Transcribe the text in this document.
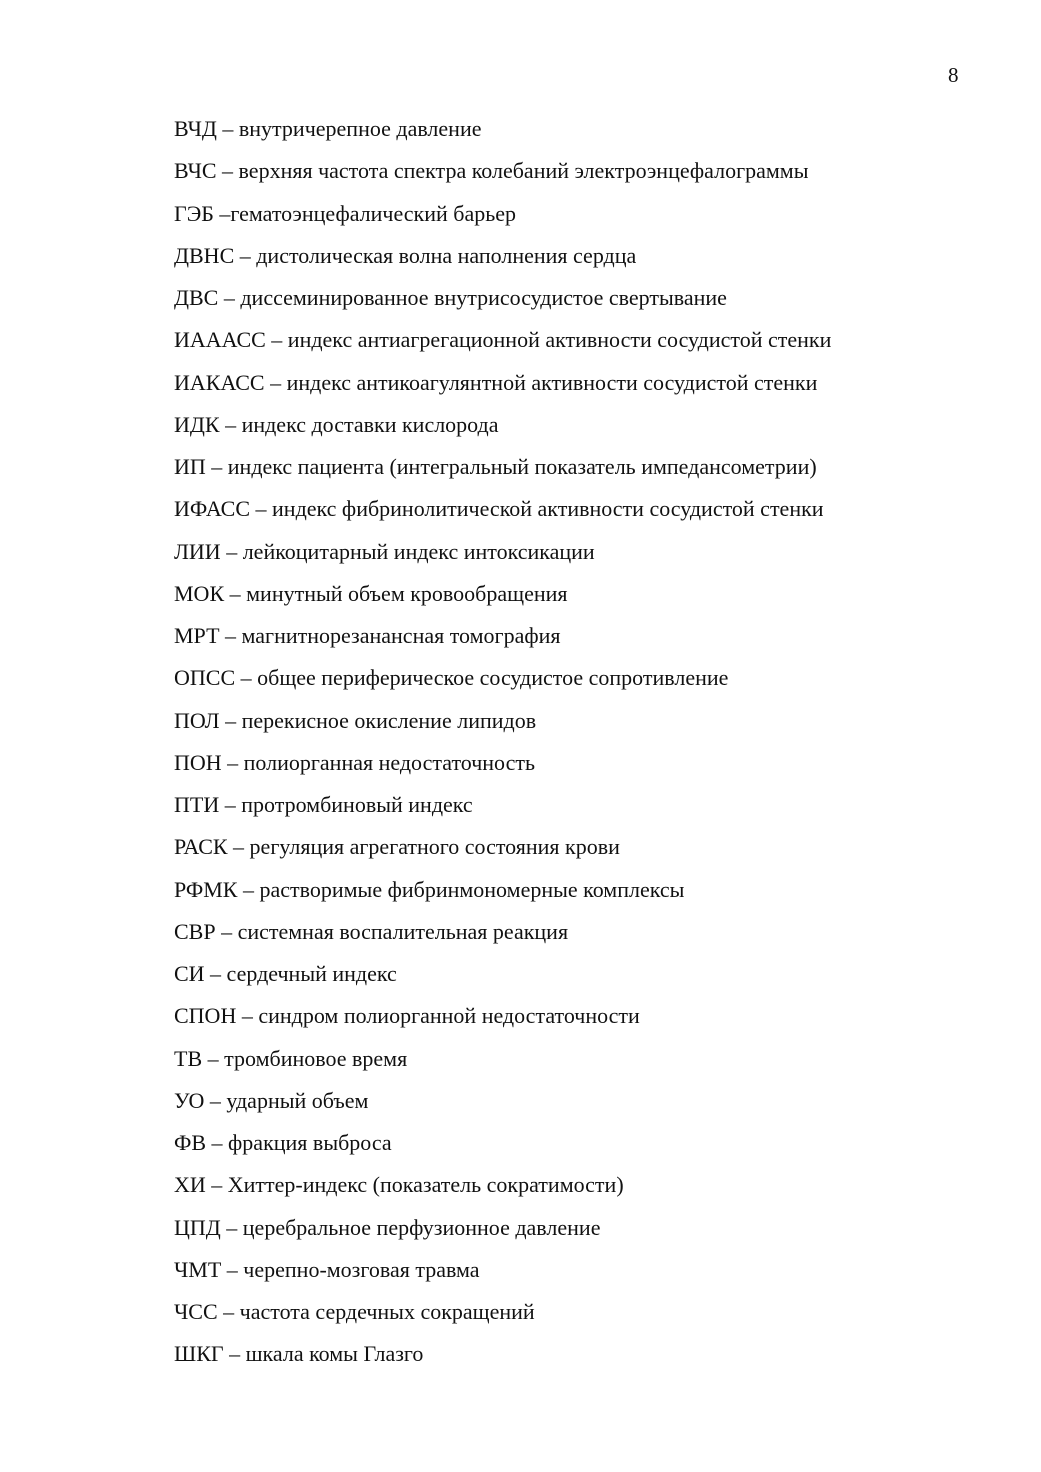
8
ВЧД – внутричерепное давление
ВЧС – верхняя частота спектра колебаний электроэнцефалограммы
ГЭБ –гематоэнцефалический барьер
ДВНС – дистолическая волна наполнения сердца
ДВС – диссеминированное внутрисосудистое свертывание
ИАААСС – индекс антиагрегационной активности сосудистой стенки
ИАКАСС – индекс антикоагулянтной активности сосудистой стенки
ИДК – индекс доставки кислорода
ИП – индекс пациента (интегральный показатель импедансометрии)
ИФАСС – индекс фибринолитической активности сосудистой стенки
ЛИИ – лейкоцитарный индекс интоксикации
МОК – минутный объем кровообращения
МРТ – магнитнорезанансная томография
ОПСС – общее периферическое сосудистое сопротивление
ПОЛ – перекисное окисление липидов
ПОН – полиорганная недостаточность
ПТИ – протромбиновый индекс
РАСК – регуляция агрегатного состояния крови
РФМК – растворимые фибринмономерные комплексы
СВР – системная воспалительная реакция
СИ – сердечный индекс
СПОН – синдром полиорганной недостаточности
ТВ – тромбиновое время
УО – ударный объем
ФВ – фракция выброса
ХИ – Хиттер-индекс (показатель сократимости)
ЦПД – церебральное перфузионное давление
ЧМТ – черепно-мозговая травма
ЧСС – частота сердечных сокращений
ШКГ – шкала комы Глазго
